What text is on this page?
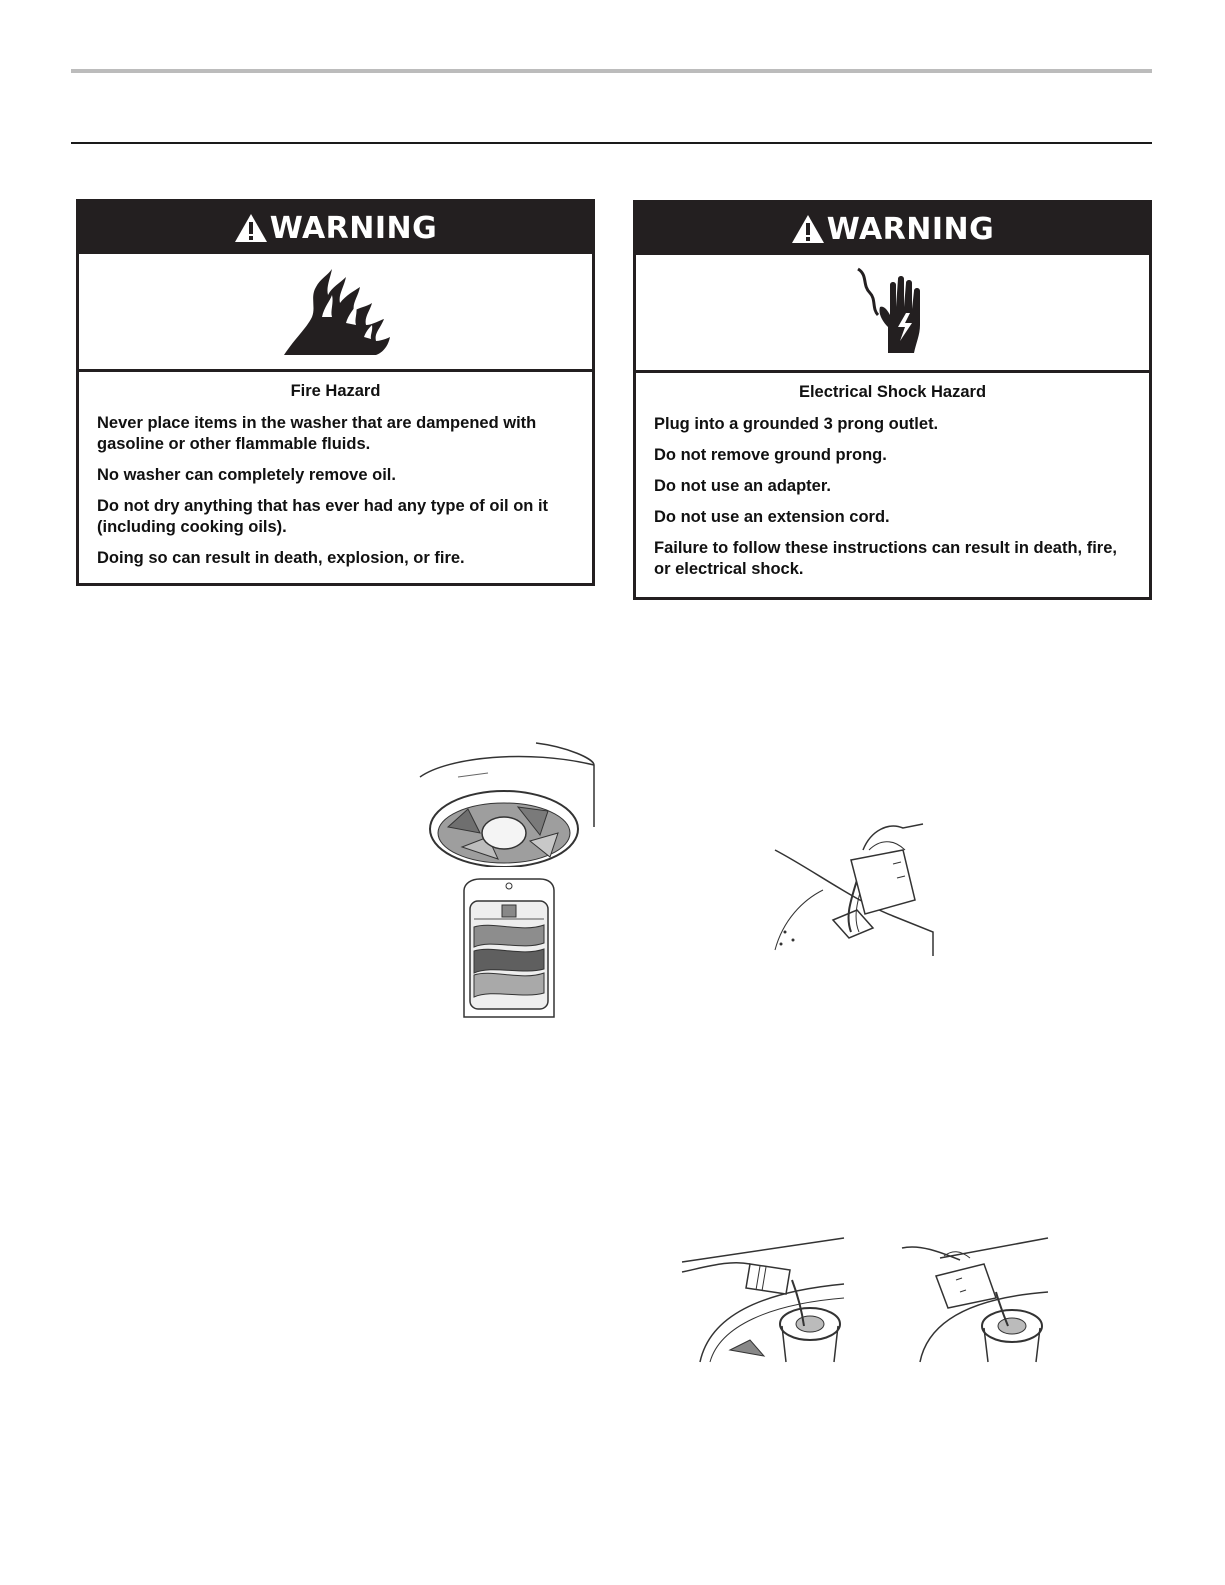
WARNING
Fire Hazard

Never place items in the washer that are dampened with gasoline or other flammable fluids.

No washer can completely remove oil.

Do not dry anything that has ever had any type of oil on it (including cooking oils).

Doing so can result in death, explosion, or fire.

WARNING
Electrical Shock Hazard

Plug into a grounded 3 prong outlet.

Do not remove ground prong.

Do not use an adapter.

Do not use an extension cord.

Failure to follow these instructions can result in death, fire, or electrical shock.
